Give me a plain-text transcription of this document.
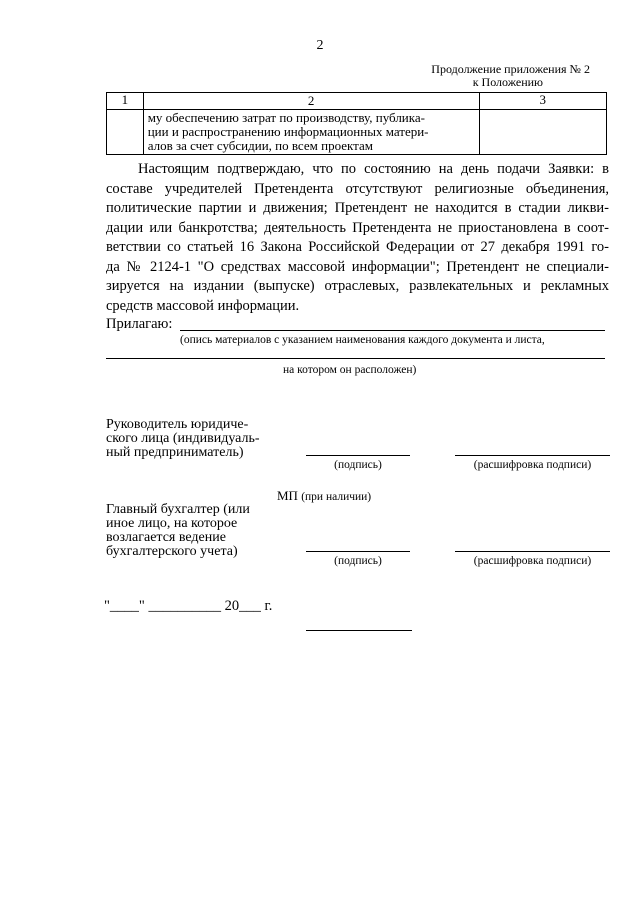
2
Продолжение приложения № 2
к Положению
1	2	3

	му обеспечению затрат по производству, публика-
ции и распространению информационных матери-
алов за счет субсидии, по всем проектам	

Настоящим подтверждаю, что по состоянию на день подачи Заявки: в
составе учредителей Претендента отсутствуют религиозные объединения,
политические партии и движения; Претендент не находится в стадии ликви-
дации или банкротства; деятельность Претендента не приостановлена в соот-
ветствии со статьей 16 Закона Российской Федерации от 27 декабря 1991 го-
да № 2124-1 "О средствах массовой информации"; Претендент не специали-
зируется на издании (выпуске) отраслевых, развлекательных и рекламных
средств массовой информации.
Прилагаю:
(опись материалов с указанием наименования каждого документа и листа,
на котором он расположен)
Руководитель юридиче-
ского лица (индивидуаль-
ный предприниматель)
(подпись)	(расшифровка подписи)
МП (при наличии)
Главный бухгалтер (или
иное лицо, на которое
возлагается ведение
бухгалтерского учета)
(подпись)	(расшифровка подписи)
"____" __________ 20___ г.
